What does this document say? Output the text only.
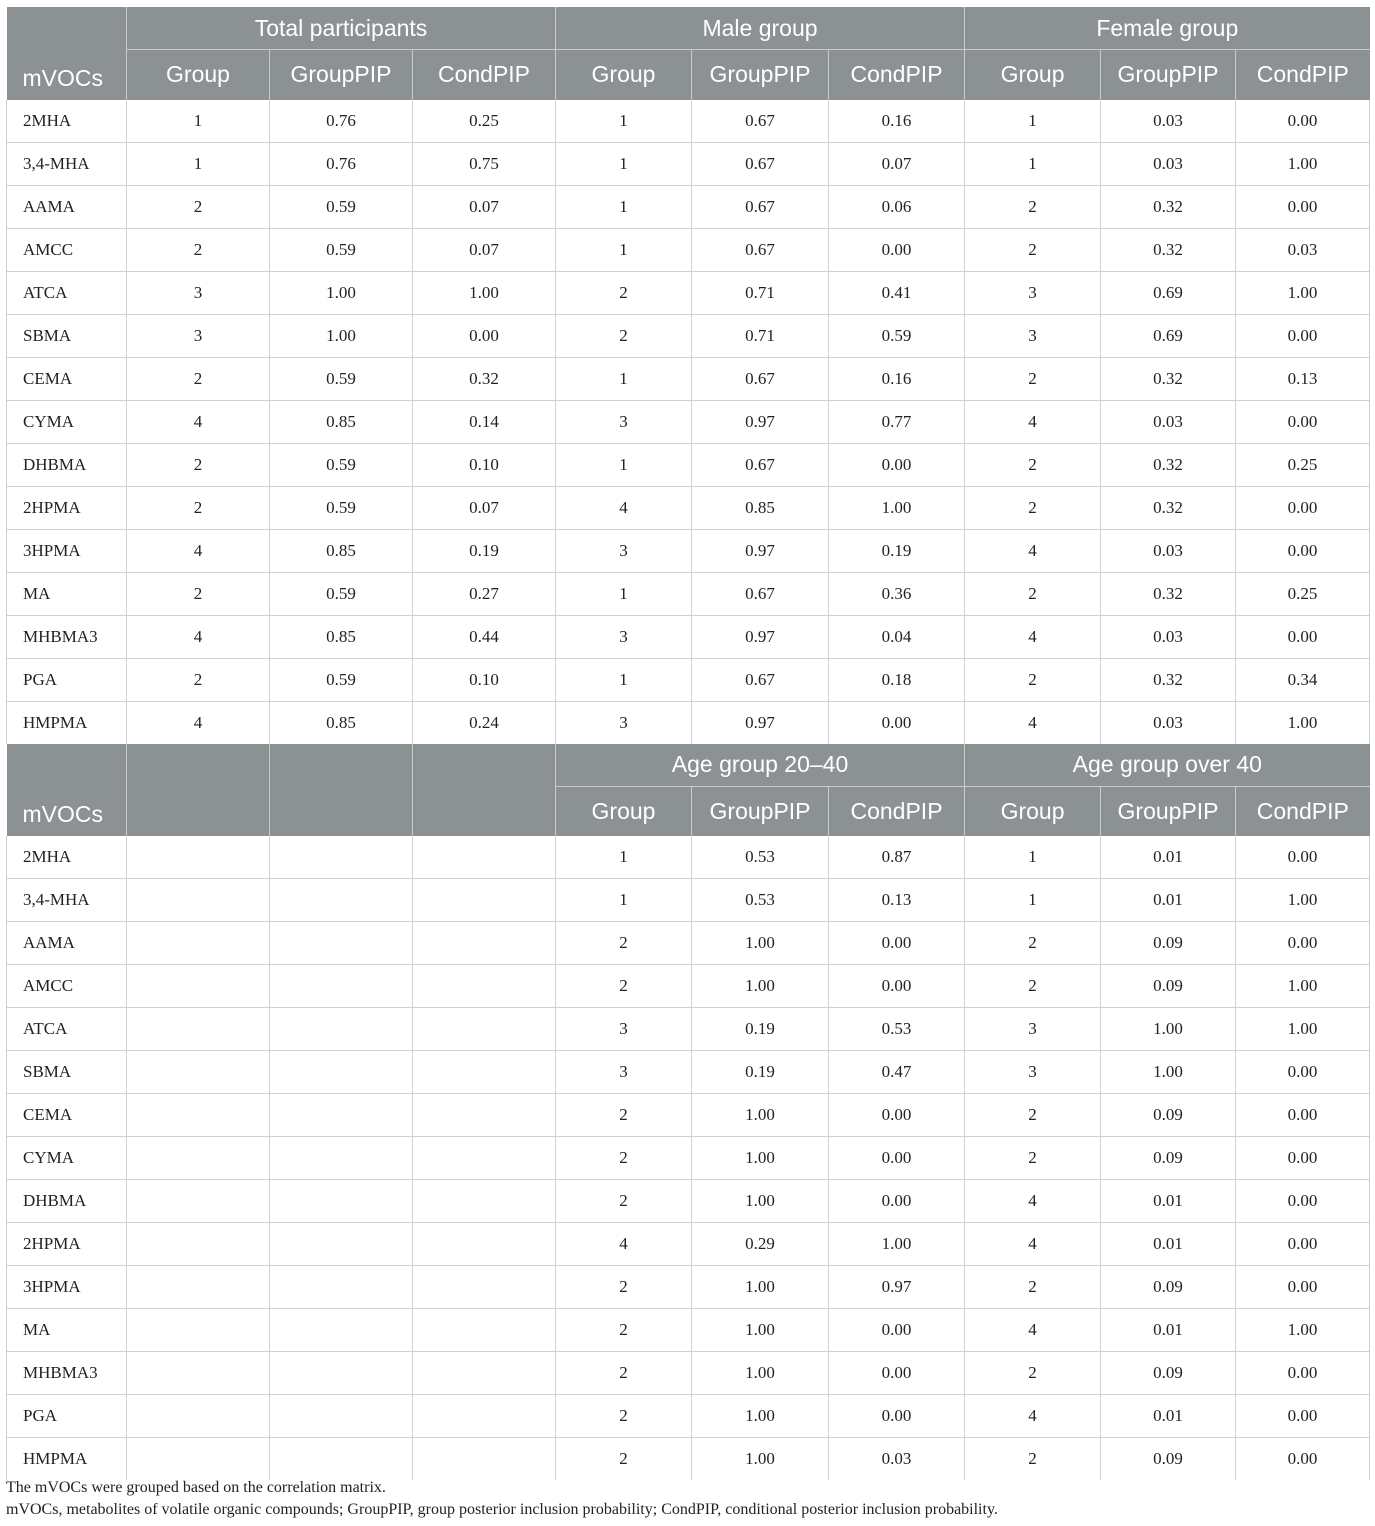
	Total participants			Male group			Female group		
mVOCs	Group	GroupPIP	CondPIP	Group	GroupPIP	CondPIP	Group	GroupPIP	CondPIP
2MHA	1	0.76	0.25	1	0.67	0.16	1	0.03	0.00
3,4-MHA	1	0.76	0.75	1	0.67	0.07	1	0.03	1.00
AAMA	2	0.59	0.07	1	0.67	0.06	2	0.32	0.00
AMCC	2	0.59	0.07	1	0.67	0.00	2	0.32	0.03
ATCA	3	1.00	1.00	2	0.71	0.41	3	0.69	1.00
SBMA	3	1.00	0.00	2	0.71	0.59	3	0.69	0.00
CEMA	2	0.59	0.32	1	0.67	0.16	2	0.32	0.13
CYMA	4	0.85	0.14	3	0.97	0.77	4	0.03	0.00
DHBMA	2	0.59	0.10	1	0.67	0.00	2	0.32	0.25
2HPMA	2	0.59	0.07	4	0.85	1.00	2	0.32	0.00
3HPMA	4	0.85	0.19	3	0.97	0.19	4	0.03	0.00
MA	2	0.59	0.27	1	0.67	0.36	2	0.32	0.25
MHBMA3	4	0.85	0.44	3	0.97	0.04	4	0.03	0.00
PGA	2	0.59	0.10	1	0.67	0.18	2	0.32	0.34
HMPMA	4	0.85	0.24	3	0.97	0.00	4	0.03	1.00
				Age group 20–40			Age group over 40		
mVOCs				Group	GroupPIP	CondPIP	Group	GroupPIP	CondPIP
2MHA				1	0.53	0.87	1	0.01	0.00
3,4-MHA				1	0.53	0.13	1	0.01	1.00
AAMA				2	1.00	0.00	2	0.09	0.00
AMCC				2	1.00	0.00	2	0.09	1.00
ATCA				3	0.19	0.53	3	1.00	1.00
SBMA				3	0.19	0.47	3	1.00	0.00
CEMA				2	1.00	0.00	2	0.09	0.00
CYMA				2	1.00	0.00	2	0.09	0.00
DHBMA				2	1.00	0.00	4	0.01	0.00
2HPMA				4	0.29	1.00	4	0.01	0.00
3HPMA				2	1.00	0.97	2	0.09	0.00
MA				2	1.00	0.00	4	0.01	1.00
MHBMA3				2	1.00	0.00	2	0.09	0.00
PGA				2	1.00	0.00	4	0.01	0.00
HMPMA				2	1.00	0.03	2	0.09	0.00
The mVOCs were grouped based on the correlation matrix.
mVOCs, metabolites of volatile organic compounds; GroupPIP, group posterior inclusion probability; CondPIP, conditional posterior inclusion probability.
